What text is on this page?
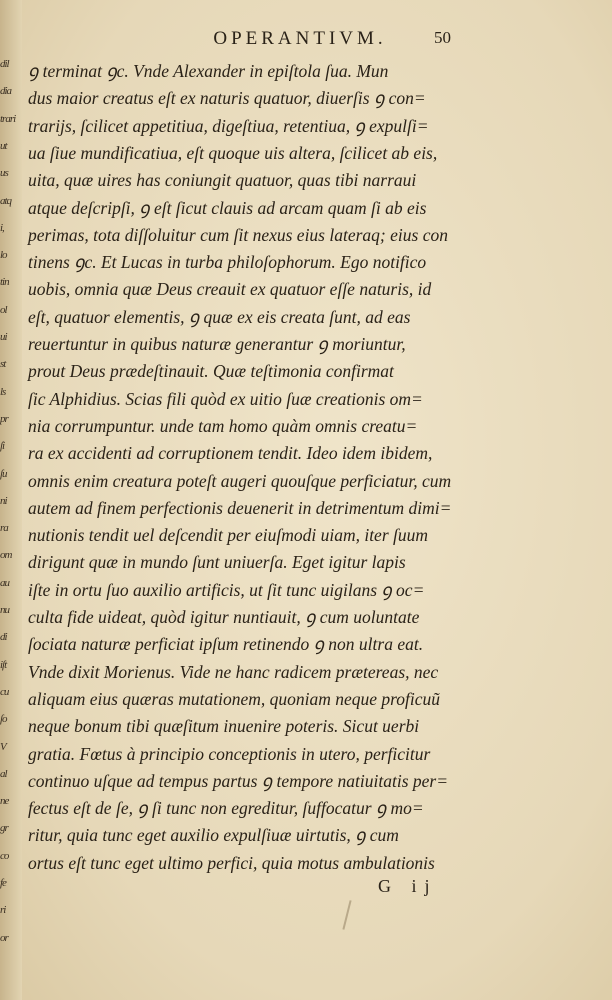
dil
dia
trari
ut
us
atq
i,
lo
tin
ol
ui
st
ls
pr
ſi
ſu
ni
ra
om
au
nu
di
iſt
cu
ſo
V
al
ne
gr
co
fe
ri
or
OPERANTIVM.	50
ꝯ terminat ꝯc. Vnde Alexander in epiſtola ſua. Mun
dus maior creatus eſt ex naturis quatuor, diuerſis ꝯ con=
trarijs, ſcilicet appetitiua, digeſtiua, retentiua, ꝯ expulſi=
ua ſiue mundificatiua, eſt quoque uis altera, ſcilicet ab eis,
uita, quæ uires has coniungit quatuor, quas tibi narraui
atque deſcripſi, ꝯ eſt ſicut clauis ad arcam quam ſi ab eis
perimas, tota diſſoluitur cum ſit nexus eius lateraq; eius con
tinens ꝯc. Et Lucas in turba philoſophorum. Ego notifico
uobis, omnia quæ Deus creauit ex quatuor eſſe naturis, id
eſt, quatuor elementis, ꝯ quæ ex eis creata ſunt, ad eas
reuertuntur in quibus naturæ generantur ꝯ moriuntur,
prout Deus prædeſtinauit. Quæ teſtimonia confirmat
ſic Alphidius. Scias fili quòd ex uitio ſuæ creationis om=
nia corrumpuntur. unde tam homo quàm omnis creatu=
ra ex accidenti ad corruptionem tendit. Ideo idem ibidem,
omnis enim creatura poteſt augeri quouſque perficiatur, cum
autem ad finem perfectionis deuenerit in detrimentum dimi=
nutionis tendit uel deſcendit per eiuſmodi uiam, iter ſuum
dirigunt quæ in mundo ſunt uniuerſa. Eget igitur lapis
iſte in ortu ſuo auxilio artificis, ut ſit tunc uigilans ꝯ oc=
culta fide uideat, quòd igitur nuntiauit, ꝯ cum uoluntate
ſociata naturæ perficiat ipſum retinendo ꝯ non ultra eat.
Vnde dixit Morienus. Vide ne hanc radicem prætereas, nec
aliquam eius quæras mutationem, quoniam neque proficuũ
neque bonum tibi quæſitum inuenire poteris. Sicut uerbi
gratia. Fœtus à principio conceptionis in utero, perficitur
continuo uſque ad tempus partus ꝯ tempore natiuitatis per=
fectus eſt de ſe, ꝯ ſi tunc non egreditur, ſuffocatur ꝯ mo=
ritur, quia tunc eget auxilio expulſiuæ uirtutis, ꝯ cum
ortus eſt tunc eget ultimo perfici, quia motus ambulationis
G ij
